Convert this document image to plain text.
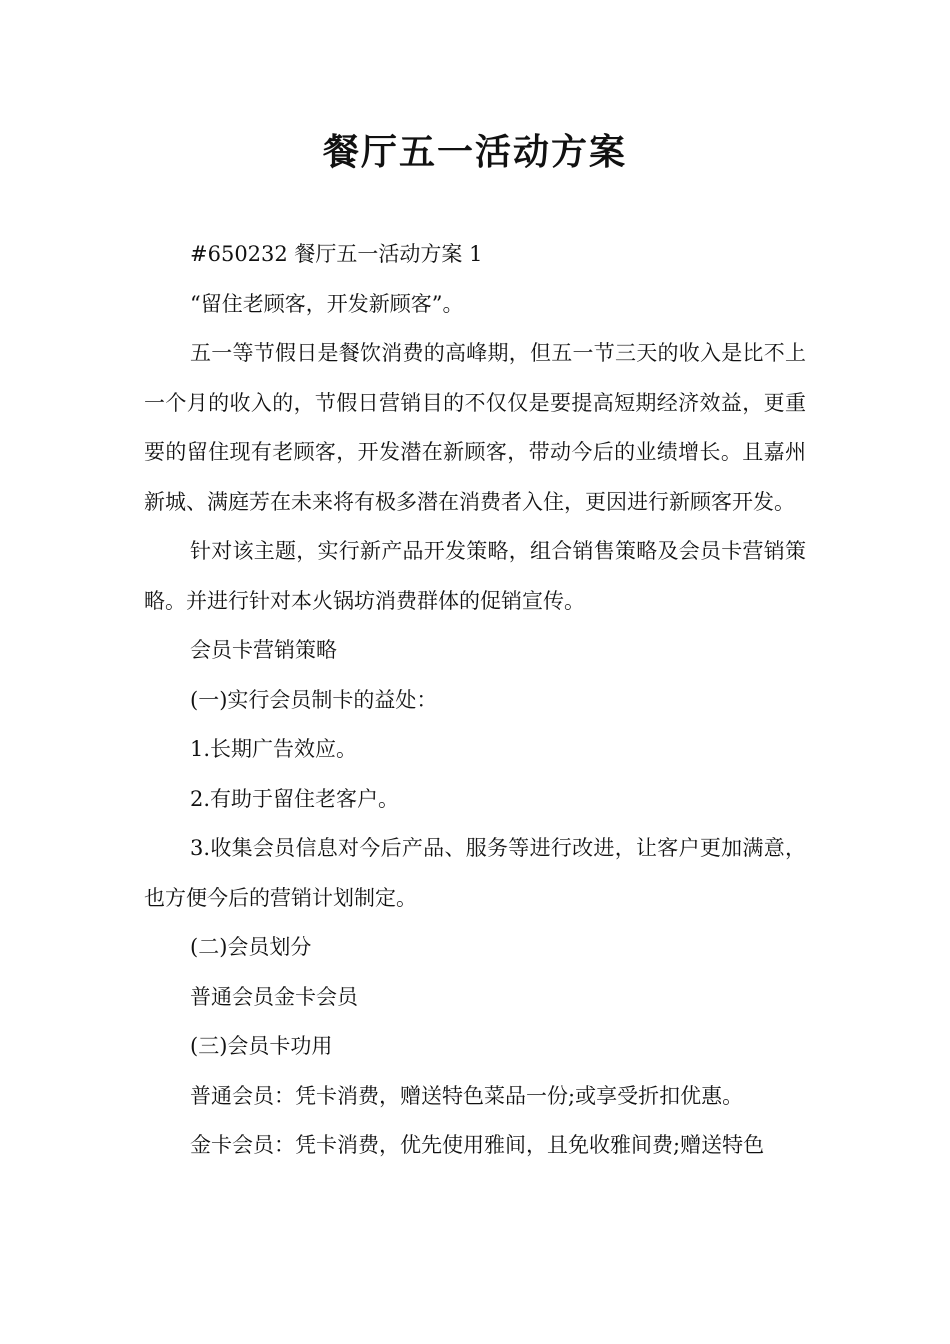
餐厅五一活动方案

#650232 餐厅五一活动方案 1

“留住老顾客，开发新顾客”。

五一等节假日是餐饮消费的高峰期，但五一节三天的收入是比不上一个月的收入的，节假日营销目的不仅仅是要提高短期经济效益，更重要的留住现有老顾客，开发潜在新顾客，带动今后的业绩增长。且嘉州新城、满庭芳在未来将有极多潜在消费者入住，更因进行新顾客开发。

针对该主题，实行新产品开发策略，组合销售策略及会员卡营销策略。并进行针对本火锅坊消费群体的促销宣传。

会员卡营销策略

(一)实行会员制卡的益处：

1.长期广告效应。

2.有助于留住老客户。

3.收集会员信息对今后产品、服务等进行改进，让客户更加满意，也方便今后的营销计划制定。

(二)会员划分

普通会员金卡会员

(三)会员卡功用

普通会员：凭卡消费，赠送特色菜品一份;或享受折扣优惠。

金卡会员：凭卡消费，优先使用雅间，且免收雅间费;赠送特色
